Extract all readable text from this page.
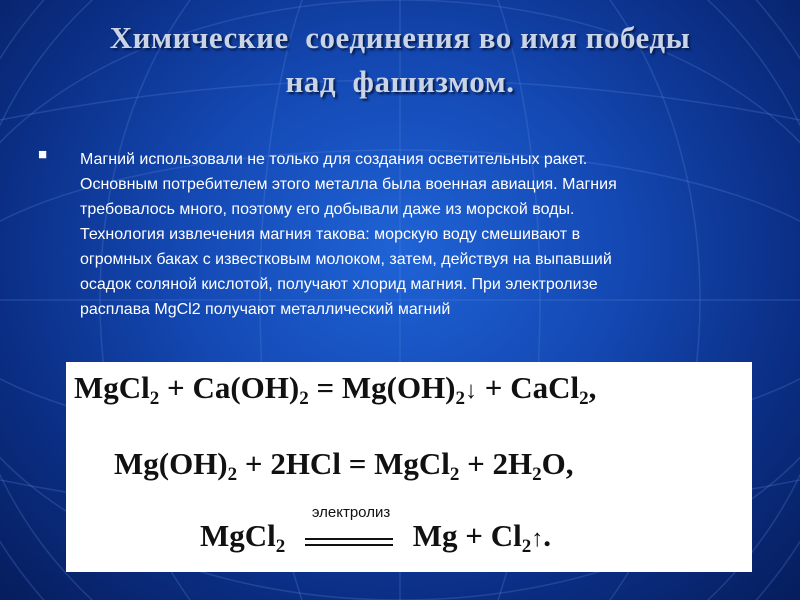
Химические  соединения во имя победы
над  фашизмом.
■ Магний использовали не только для создания осветительных ракет.
Основным потребителем этого металла была военная авиация. Магния
требовалось много, поэтому его добывали даже из морской воды.
Технология извлечения магния такова: морскую воду смешивают в
огромных баках с известковым молоком, затем, действуя на выпавший
осадок соляной кислотой, получают хлорид магния. При электролизе
расплава MgCl2 получают металлический магний
MgCl$_2$ + $Ca(OH)_2$ = $Mg(OH)_2↓$ + CaCl$_2$,
$Mg(OH)_2 + 2HCl$ = MgCl$_2$ + $2H_2O$,
MgCl$_2$
электролиз
$Mg + Cl_2↑$.
